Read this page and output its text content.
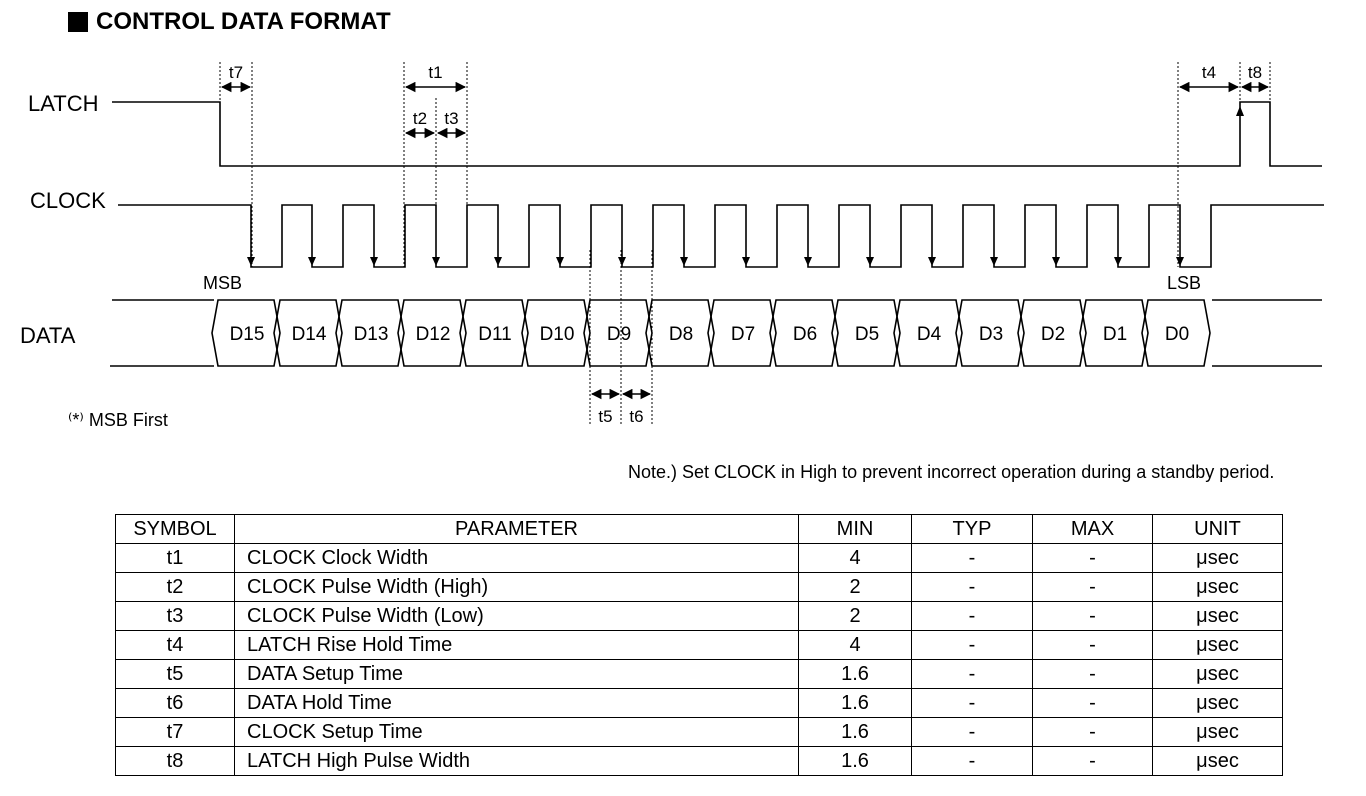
CONTROL DATA FORMAT
t7	t1
t2 t3
t4 t8
t5 t6
D15 D14 D13 D12 D11 D10 D9 D8 D7 D6 D5 D4 D3 D2 D1 D0
LATCH
CLOCK
DATA
MSB	LSB
⁽*⁾ MSB First
Note.) Set CLOCK in High to prevent incorrect operation during a standby period.
SYMBOL	PARAMETER	MIN	TYP	MAX	UNIT
t1	CLOCK Clock Width	4	-	-	μsec
t2	CLOCK Pulse Width (High)	2	-	-	μsec
t3	CLOCK Pulse Width (Low)	2	-	-	μsec
t4	LATCH Rise Hold Time	4	-	-	μsec
t5	DATA Setup Time	1.6	-	-	μsec
t6	DATA Hold Time	1.6	-	-	μsec
t7	CLOCK Setup Time	1.6	-	-	μsec
t8	LATCH High Pulse Width	1.6	-	-	μsec
